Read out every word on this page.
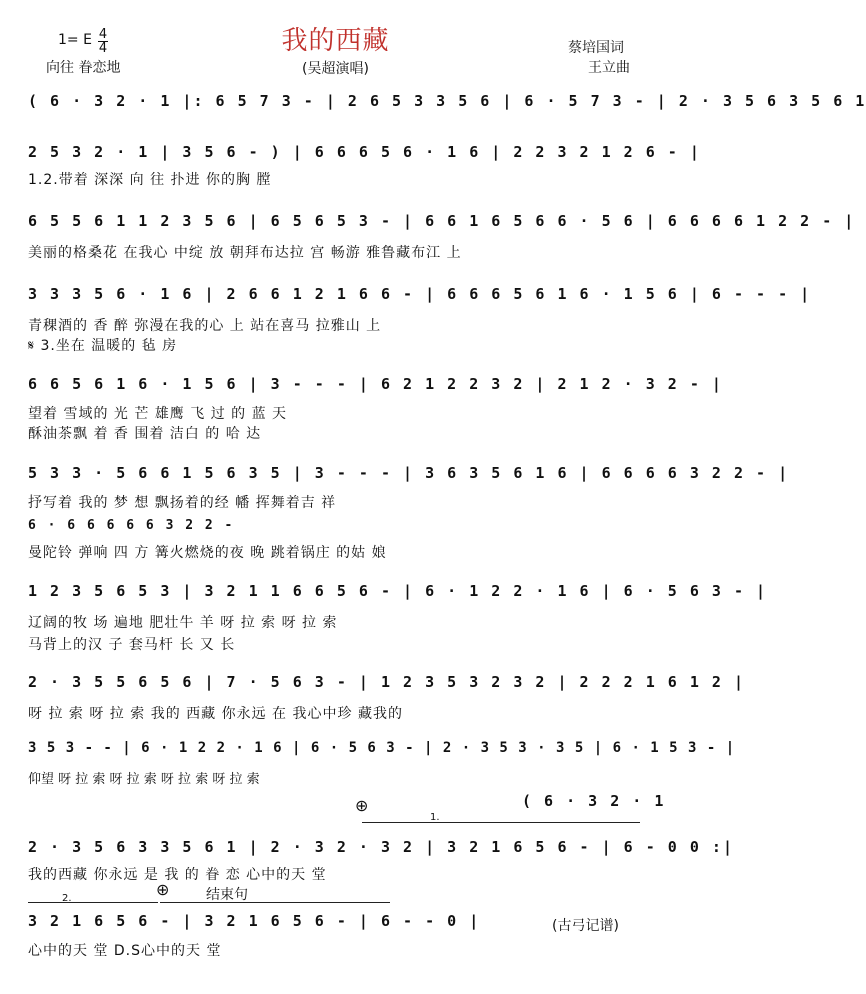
1= E 4
4
向往 眷恋地
我的西藏
(吴超演唱)
蔡培国词
王立曲
( 6 · 3 2 · 1 |: 6 5 7 3 - | 2 6 5 3 3 5 6 | 6 · 5 7 3 - | 2 · 3 5 6 3 5 6 1
2 5 3 2 · 1 | 3 5 6 - ) | 6 6 6 5 6 · 1 6 | 2 2 3 2 1 2 6 - |
1.2.带着 深深 向 往 扑进 你的胸 膛
6 5 5 6 1 1 2 3 5 6 | 6 5 6 5 3 - | 6 6 1 6 5 6 6 · 5 6 | 6 6 6 6 1 2 2 - |
美丽的格桑花 在我心 中绽 放 朝拜布达拉 宫 畅游 雅鲁藏布江 上
3 3 3 5 6 · 1 6 | 2 6 6 1 2 1 6 6 - | 6 6 6 5 6 1 6 · 1 5 6 | 6 - - - |
青稞酒的 香 醉 弥漫在我的心 上 站在喜马 拉雅山 上
𝄋 3.坐在 温暖的 毡 房
6 6 5 6 1 6 · 1 5 6 | 3 - - - | 6 2 1 2 2 3 2 | 2 1 2 · 3 2 - |
望着 雪域的 光 芒 雄鹰 飞 过 的 蓝 天
酥油茶飘 着 香 围着 洁白 的 哈 达
5 3 3 · 5 6 6 1 5 6 3 5 | 3 - - - | 3 6 3 5 6 1 6 | 6 6 6 6 3 2 2 - |
抒写着 我的 梦 想 飘扬着的经 幡 挥舞着吉 祥
6 · 6 6 6 6 6 3 2 2 -
曼陀铃 弹响 四 方 篝火燃烧的夜 晚 跳着锅庄 的姑 娘
1 2 3 5 6 5 3 | 3 2 1 1 6 6 5 6 - | 6 · 1 2 2 · 1 6 | 6 · 5 6 3 - |
辽阔的牧 场 遍地 肥壮牛 羊 呀 拉 索 呀 拉 索
马背上的汉 子 套马杆 长 又 长
2 · 3 5 5 6 5 6 | 7 · 5 6 3 - | 1 2 3 5 3 2 3 2 | 2 2 2 1 6 1 2 |
呀 拉 索 呀 拉 索 我的 西藏 你永远 在 我心中珍 藏我的
3 5 3 - - | 6 · 1 2 2 · 1 6 | 6 · 5 6 3 - | 2 · 3 5 3 · 3 5 | 6 · 1 5 3 - |
仰望 呀 拉 索 呀 拉 索 呀 拉 索 呀 拉 索
⊕	( 6 · 3 2 · 1
1.
2 · 3 5 6 3 3 5 6 1 | 2 · 3 2 · 3 2 | 3 2 1 6 5 6 - | 6 - 0 0 :|
我的西藏 你永远 是 我 的 眷 恋 心中的天 堂
2.	⊕	结束句
3 2 1 6 5 6 - | 3 2 1 6 5 6 - | 6 - - 0 |
心中的天 堂 D.S心中的天 堂
(古弓记谱)
